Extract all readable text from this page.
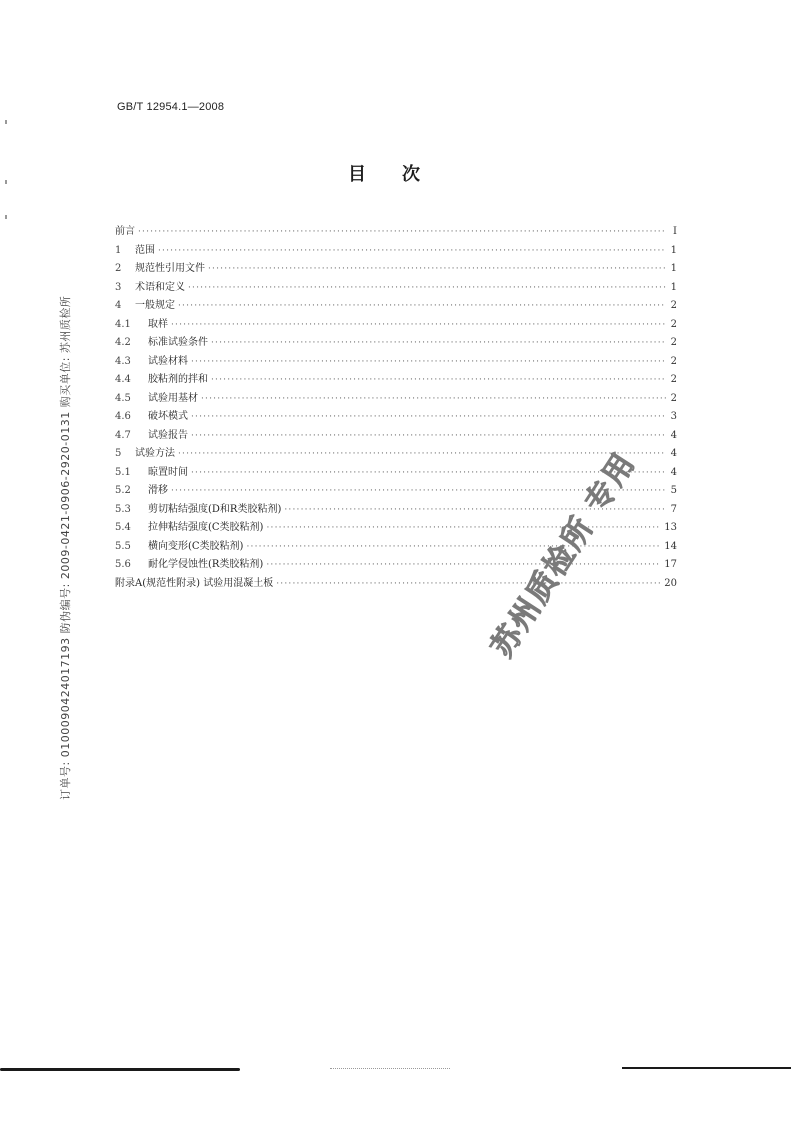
GB/T 12954.1—2008
目 次
前言 ·····	Ⅰ
1	范围 ·····	1
2	规范性引用文件 ·····	1
3	术语和定义 ·····	1
4	一般规定 ·····	2
4.1	取样 ·····	2
4.2	标准试验条件 ·····	2
4.3	试验材料 ·····	2
4.4	胶粘剂的拌和 ·····	2
4.5	试验用基材 ·····	2
4.6	破坏模式 ·····	3
4.7	试验报告 ·····	4
5	试验方法 ·····	4
5.1	晾置时间 ·····	4
5.2	滑移 ·····	5
5.3	剪切粘结强度(D和R类胶粘剂) ·····	7
5.4	拉伸粘结强度(C类胶粘剂) ·····	13
5.5	横向变形(C类胶粘剂) ·····	14
5.6	耐化学侵蚀性(R类胶粘剂) ·····	17
附录A(规范性附录) 试验用混凝土板 ·····	20
订单号: 0100090424017193 防伪编号: 2009-0421-0906-2920-0131 购买单位: 苏州质检所	苏州质检所 专用
